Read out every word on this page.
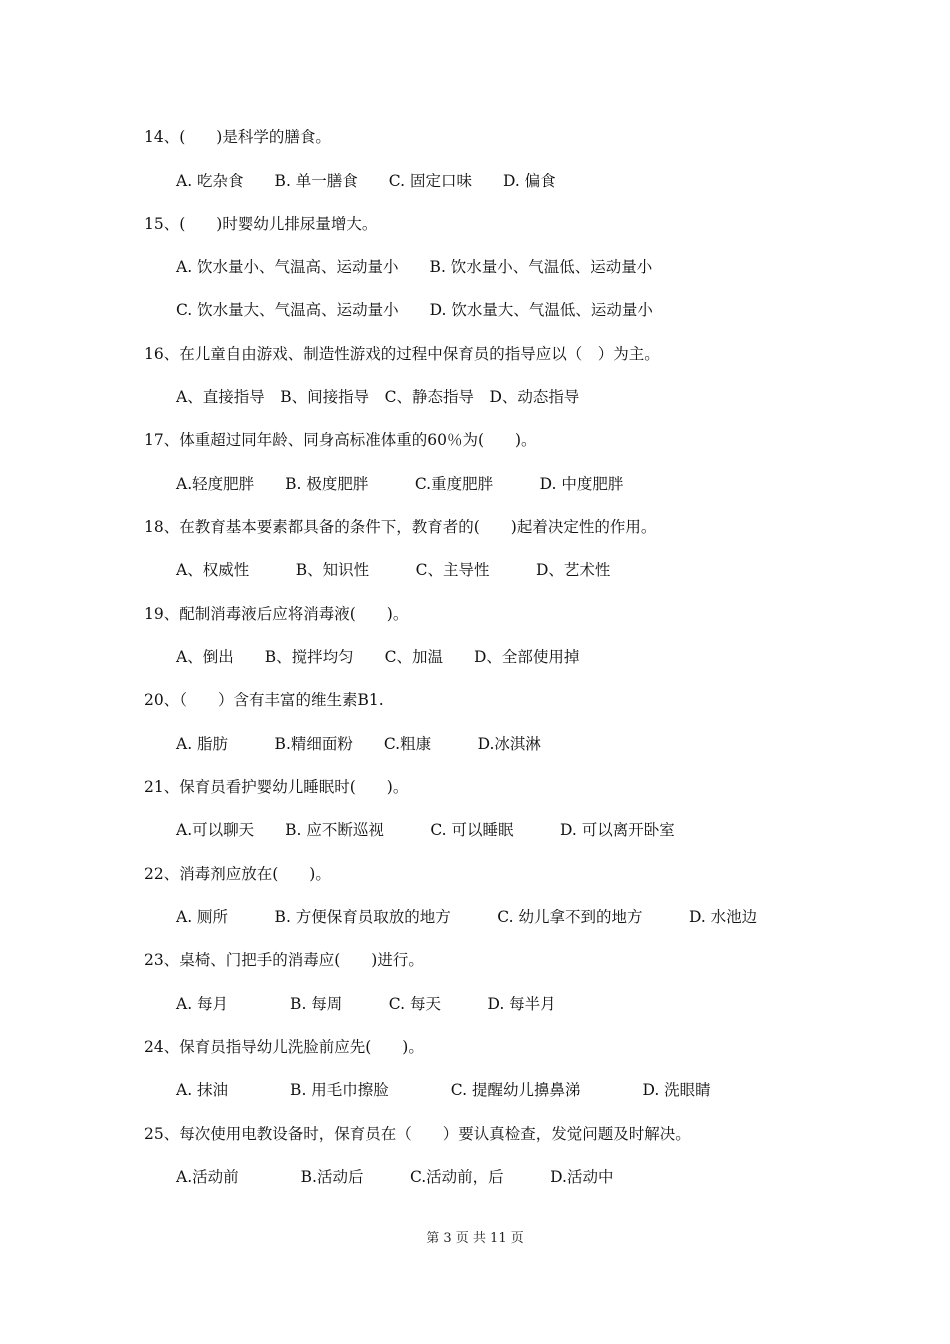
14、(　　)是科学的膳食。
A. 吃杂食　　B. 单一膳食　　C. 固定口味　　D. 偏食
15、(　　)时婴幼儿排尿量增大。
A. 饮水量小、气温高、运动量小　　B. 饮水量小、气温低、运动量小
C. 饮水量大、气温高、运动量小　　D. 饮水量大、气温低、运动量小
16、在儿童自由游戏、制造性游戏的过程中保育员的指导应以（　）为主。
A、直接指导　B、间接指导　C、静态指导　D、动态指导
17、体重超过同年龄、同身高标准体重的60％为(　　)。
A.轻度肥胖　　B. 极度肥胖　　　C.重度肥胖　　　D. 中度肥胖
18、在教育基本要素都具备的条件下，教育者的(　　)起着决定性的作用。
A、权威性　　　B、知识性　　　C、主导性　　　D、艺术性
19、配制消毒液后应将消毒液(　　)。
A、倒出　　B、搅拌均匀　　C、加温　　D、全部使用掉
20、（　　）含有丰富的维生素B1.
A. 脂肪　　　B.精细面粉　　C.粗康　　　D.冰淇淋
21、保育员看护婴幼儿睡眠时(　　)。
A.可以聊天　　B. 应不断巡视　　　C. 可以睡眠　　　D. 可以离开卧室
22、消毒剂应放在(　　)。
A. 厕所　　　B. 方便保育员取放的地方　　　C. 幼儿拿不到的地方　　　D. 水池边
23、桌椅、门把手的消毒应(　　)进行。
A. 每月　　　　B. 每周　　　C. 每天　　　D. 每半月
24、保育员指导幼儿洗脸前应先(　　)。
A. 抹油　　　　B. 用毛巾擦脸　　　　C. 提醒幼儿擤鼻涕　　　　D. 洗眼睛
25、每次使用电教设备时，保育员在（　　）要认真检查，发觉问题及时解决。
A.活动前　　　　B.活动后　　　C.活动前，后　　　D.活动中
第 3 页 共 11 页
